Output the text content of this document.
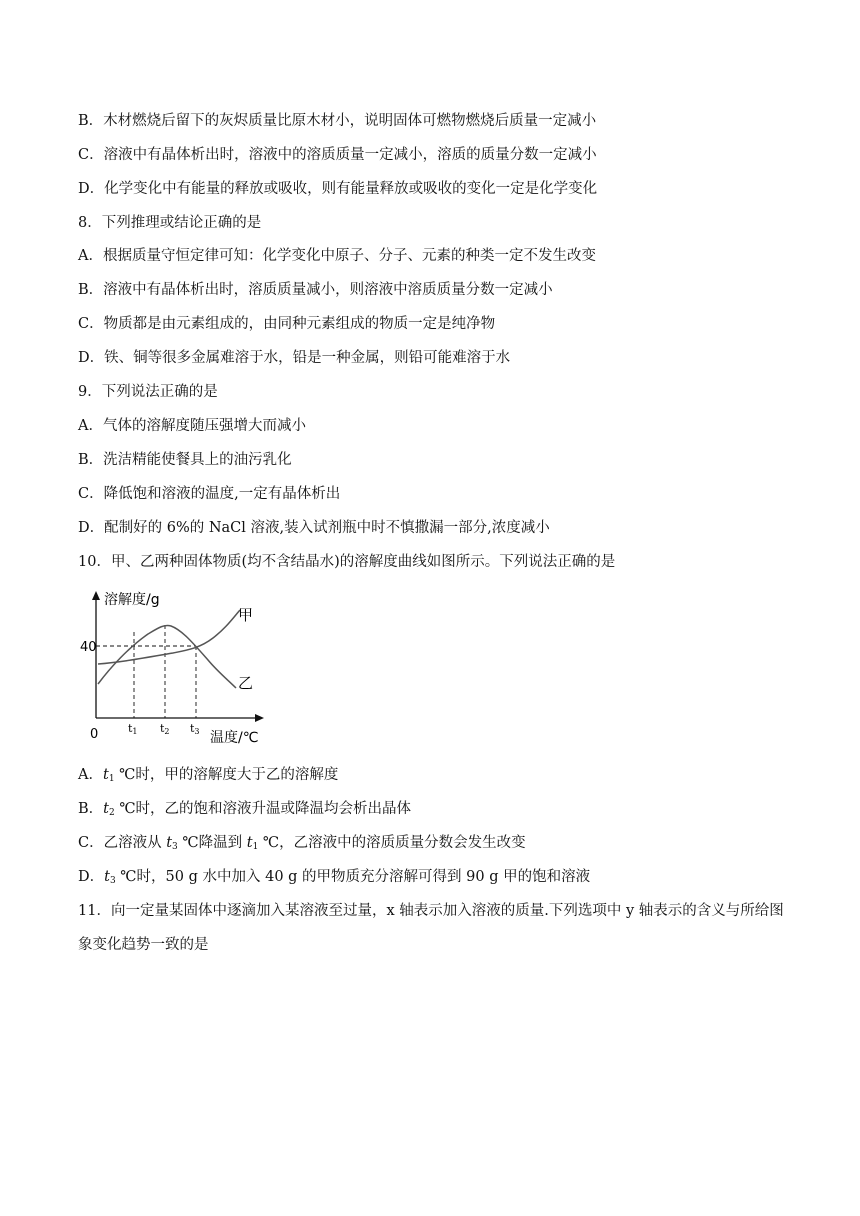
B．木材燃烧后留下的灰烬质量比原木材小，说明固体可燃物燃烧后质量一定减小
C．溶液中有晶体析出时，溶液中的溶质质量一定减小，溶质的质量分数一定减小
D．化学变化中有能量的释放或吸收，则有能量释放或吸收的变化一定是化学变化
8．下列推理或结论正确的是
A．根据质量守恒定律可知：化学变化中原子、分子、元素的种类一定不发生改变
B．溶液中有晶体析出时，溶质质量减小，则溶液中溶质质量分数一定减小
C．物质都是由元素组成的，由同种元素组成的物质一定是纯净物
D．铁、铜等很多金属难溶于水，铅是一种金属，则铅可能难溶于水
9．下列说法正确的是
A．气体的溶解度随压强增大而减小
B．洗洁精能使餐具上的油污乳化
C．降低饱和溶液的温度,一定有晶体析出
D．配制好的 6%的 NaCl 溶液,装入试剂瓶中时不慎撒漏一部分,浓度减小
10．甲、乙两种固体物质(均不含结晶水)的溶解度曲线如图所示。下列说法正确的是
溶解度/g
40
0
甲
乙
t1 t2 t3 温度/℃
A．$t_1$ ℃时，甲的溶解度大于乙的溶解度
B．$t_2$ ℃时，乙的饱和溶液升温或降温均会析出晶体
C．乙溶液从 $t_3$ ℃降温到 $t_1$ ℃，乙溶液中的溶质质量分数会发生改变
D．$t_3$ ℃时，50 g 水中加入 40 g 的甲物质充分溶解可得到 90 g 甲的饱和溶液
11．向一定量某固体中逐滴加入某溶液至过量，x 轴表示加入溶液的质量.下列选项中 y 轴表示的含义与所给图象变化趋势一致的是
